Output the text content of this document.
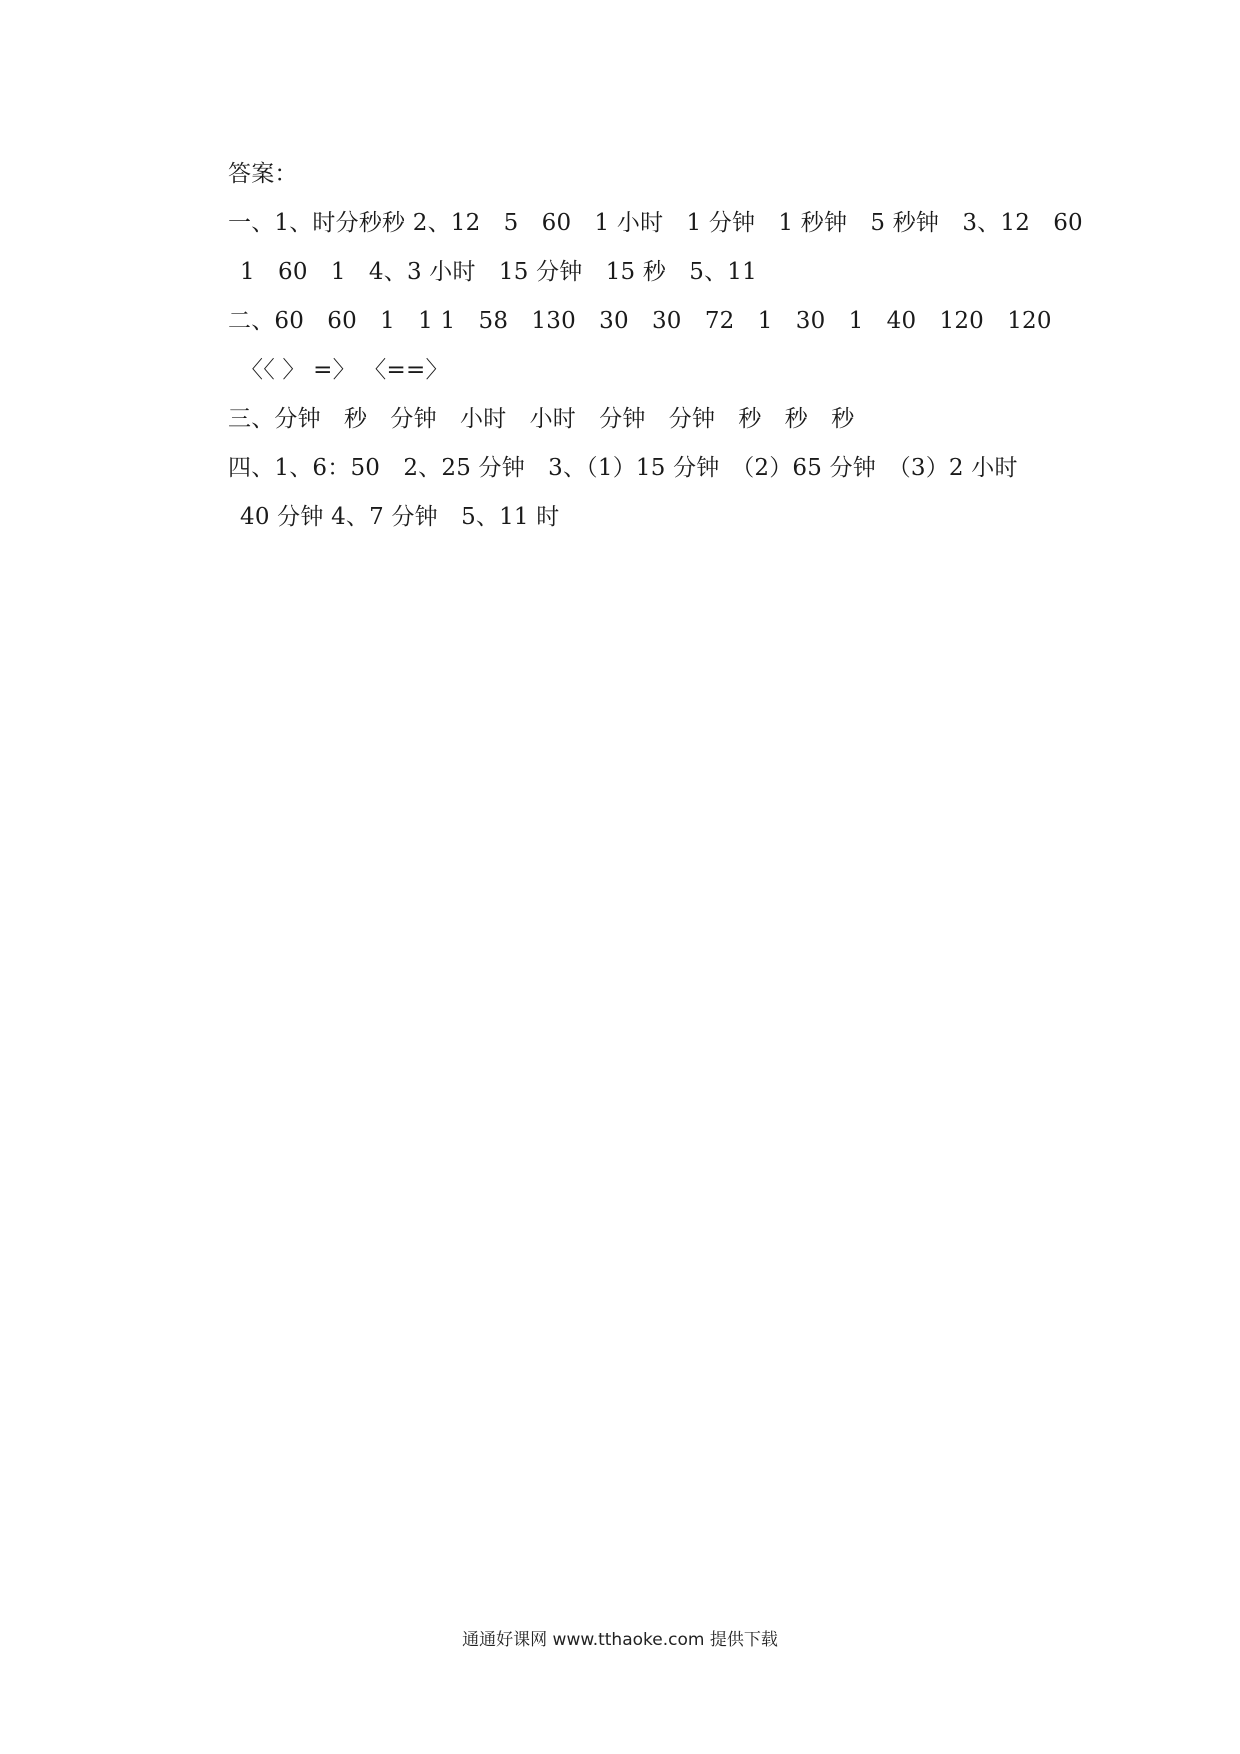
答案：
一、1、时分秒秒 2、12　5　60　1 小时　1 分钟　1 秒钟　5 秒钟　3、12　60
1　60　1　4、3 小时　15 分钟　15 秒　5、11
二、60　60　1　1 1　58　130　30　30　72　1　30　1　40　120　120
〈〈 〉 =〉 〈==〉
三、分钟　秒　分钟　小时　小时　分钟　分钟　秒　秒　秒
四、1、6：50　2、25 分钟　3、（1）15 分钟　（2）65 分钟　（3）2 小时
40 分钟 4、7 分钟　5、11 时
通通好课网 www.tthaoke.com 提供下载
